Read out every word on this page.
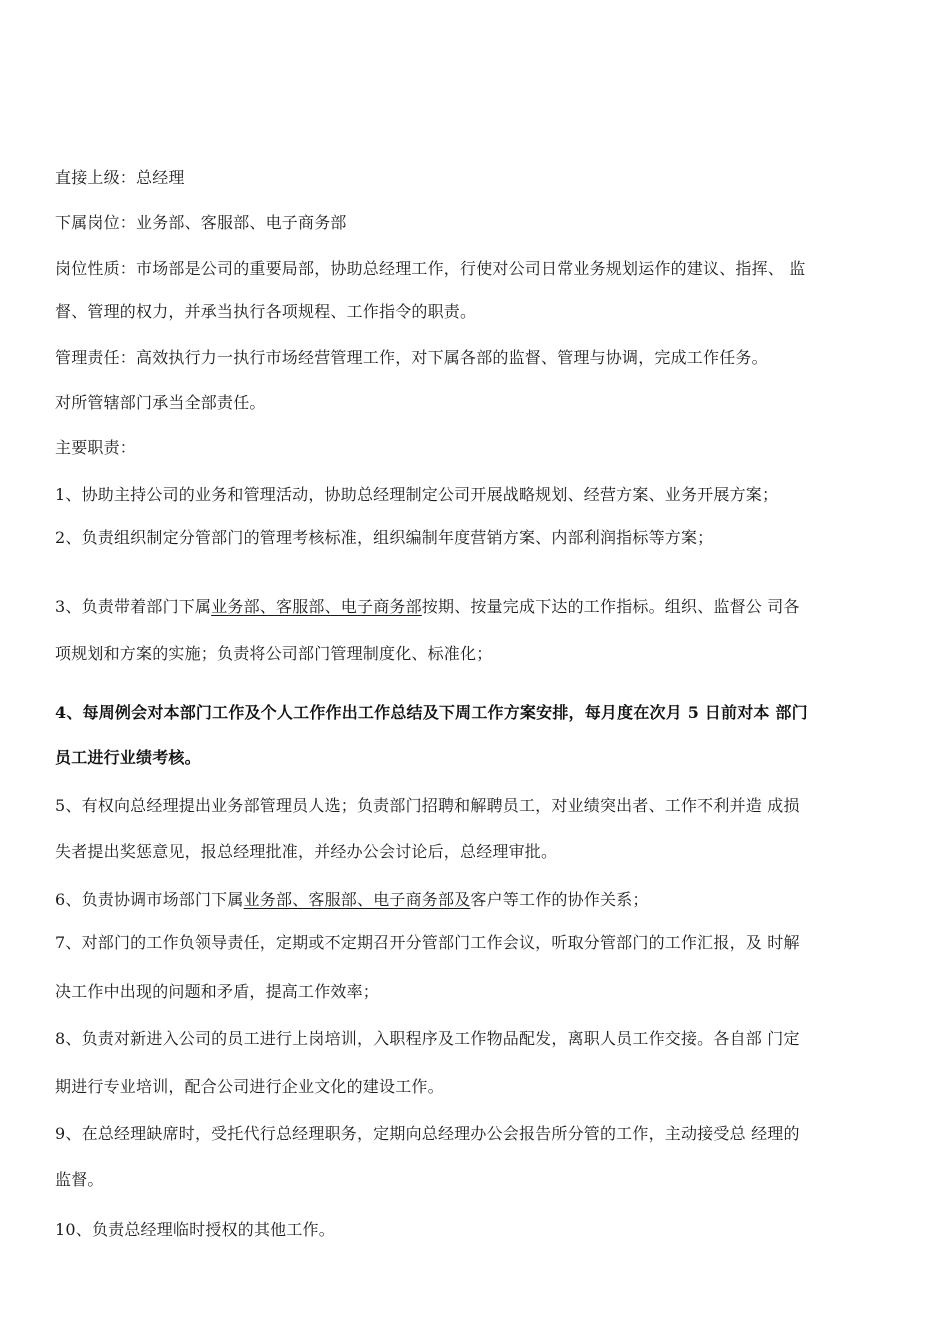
直接上级：总经理
下属岗位：业务部、客服部、电子商务部
岗位性质：市场部是公司的重要局部，协助总经理工作，行使对公司日常业务规划运作的建议、指挥、 监
督、管理的权力，并承当执行各项规程、工作指令的职责。
管理责任：高效执行力一执行市场经营管理工作，对下属各部的监督、管理与协调，完成工作任务。
对所管辖部门承当全部责任。
主要职责：
1、协助主持公司的业务和管理活动，协助总经理制定公司开展战略规划、经营方案、业务开展方案；
2、负责组织制定分管部门的管理考核标准，组织编制年度营销方案、内部利润指标等方案；
3、负责带着部门下属业务部、客服部、电子商务部按期、按量完成下达的工作指标。组织、监督公 司各
项规划和方案的实施；负责将公司部门管理制度化、标准化；
4、每周例会对本部门工作及个人工作作出工作总结及下周工作方案安排，每月度在次月 5 日前对本 部门
员工进行业绩考核。
5、有权向总经理提出业务部管理员人选；负责部门招聘和解聘员工，对业绩突出者、工作不利并造 成损
失者提出奖惩意见，报总经理批准，并经办公会讨论后，总经理审批。
6、负责协调市场部门下属业务部、客服部、电子商务部及客户等工作的协作关系；
7、对部门的工作负领导责任，定期或不定期召开分管部门工作会议，听取分管部门的工作汇报，及 时解
决工作中出现的问题和矛盾，提高工作效率；
8、负责对新进入公司的员工进行上岗培训，入职程序及工作物品配发，离职人员工作交接。各自部 门定
期进行专业培训，配合公司进行企业文化的建设工作。
9、在总经理缺席时，受托代行总经理职务，定期向总经理办公会报告所分管的工作，主动接受总 经理的
监督。
10、负责总经理临时授权的其他工作。
